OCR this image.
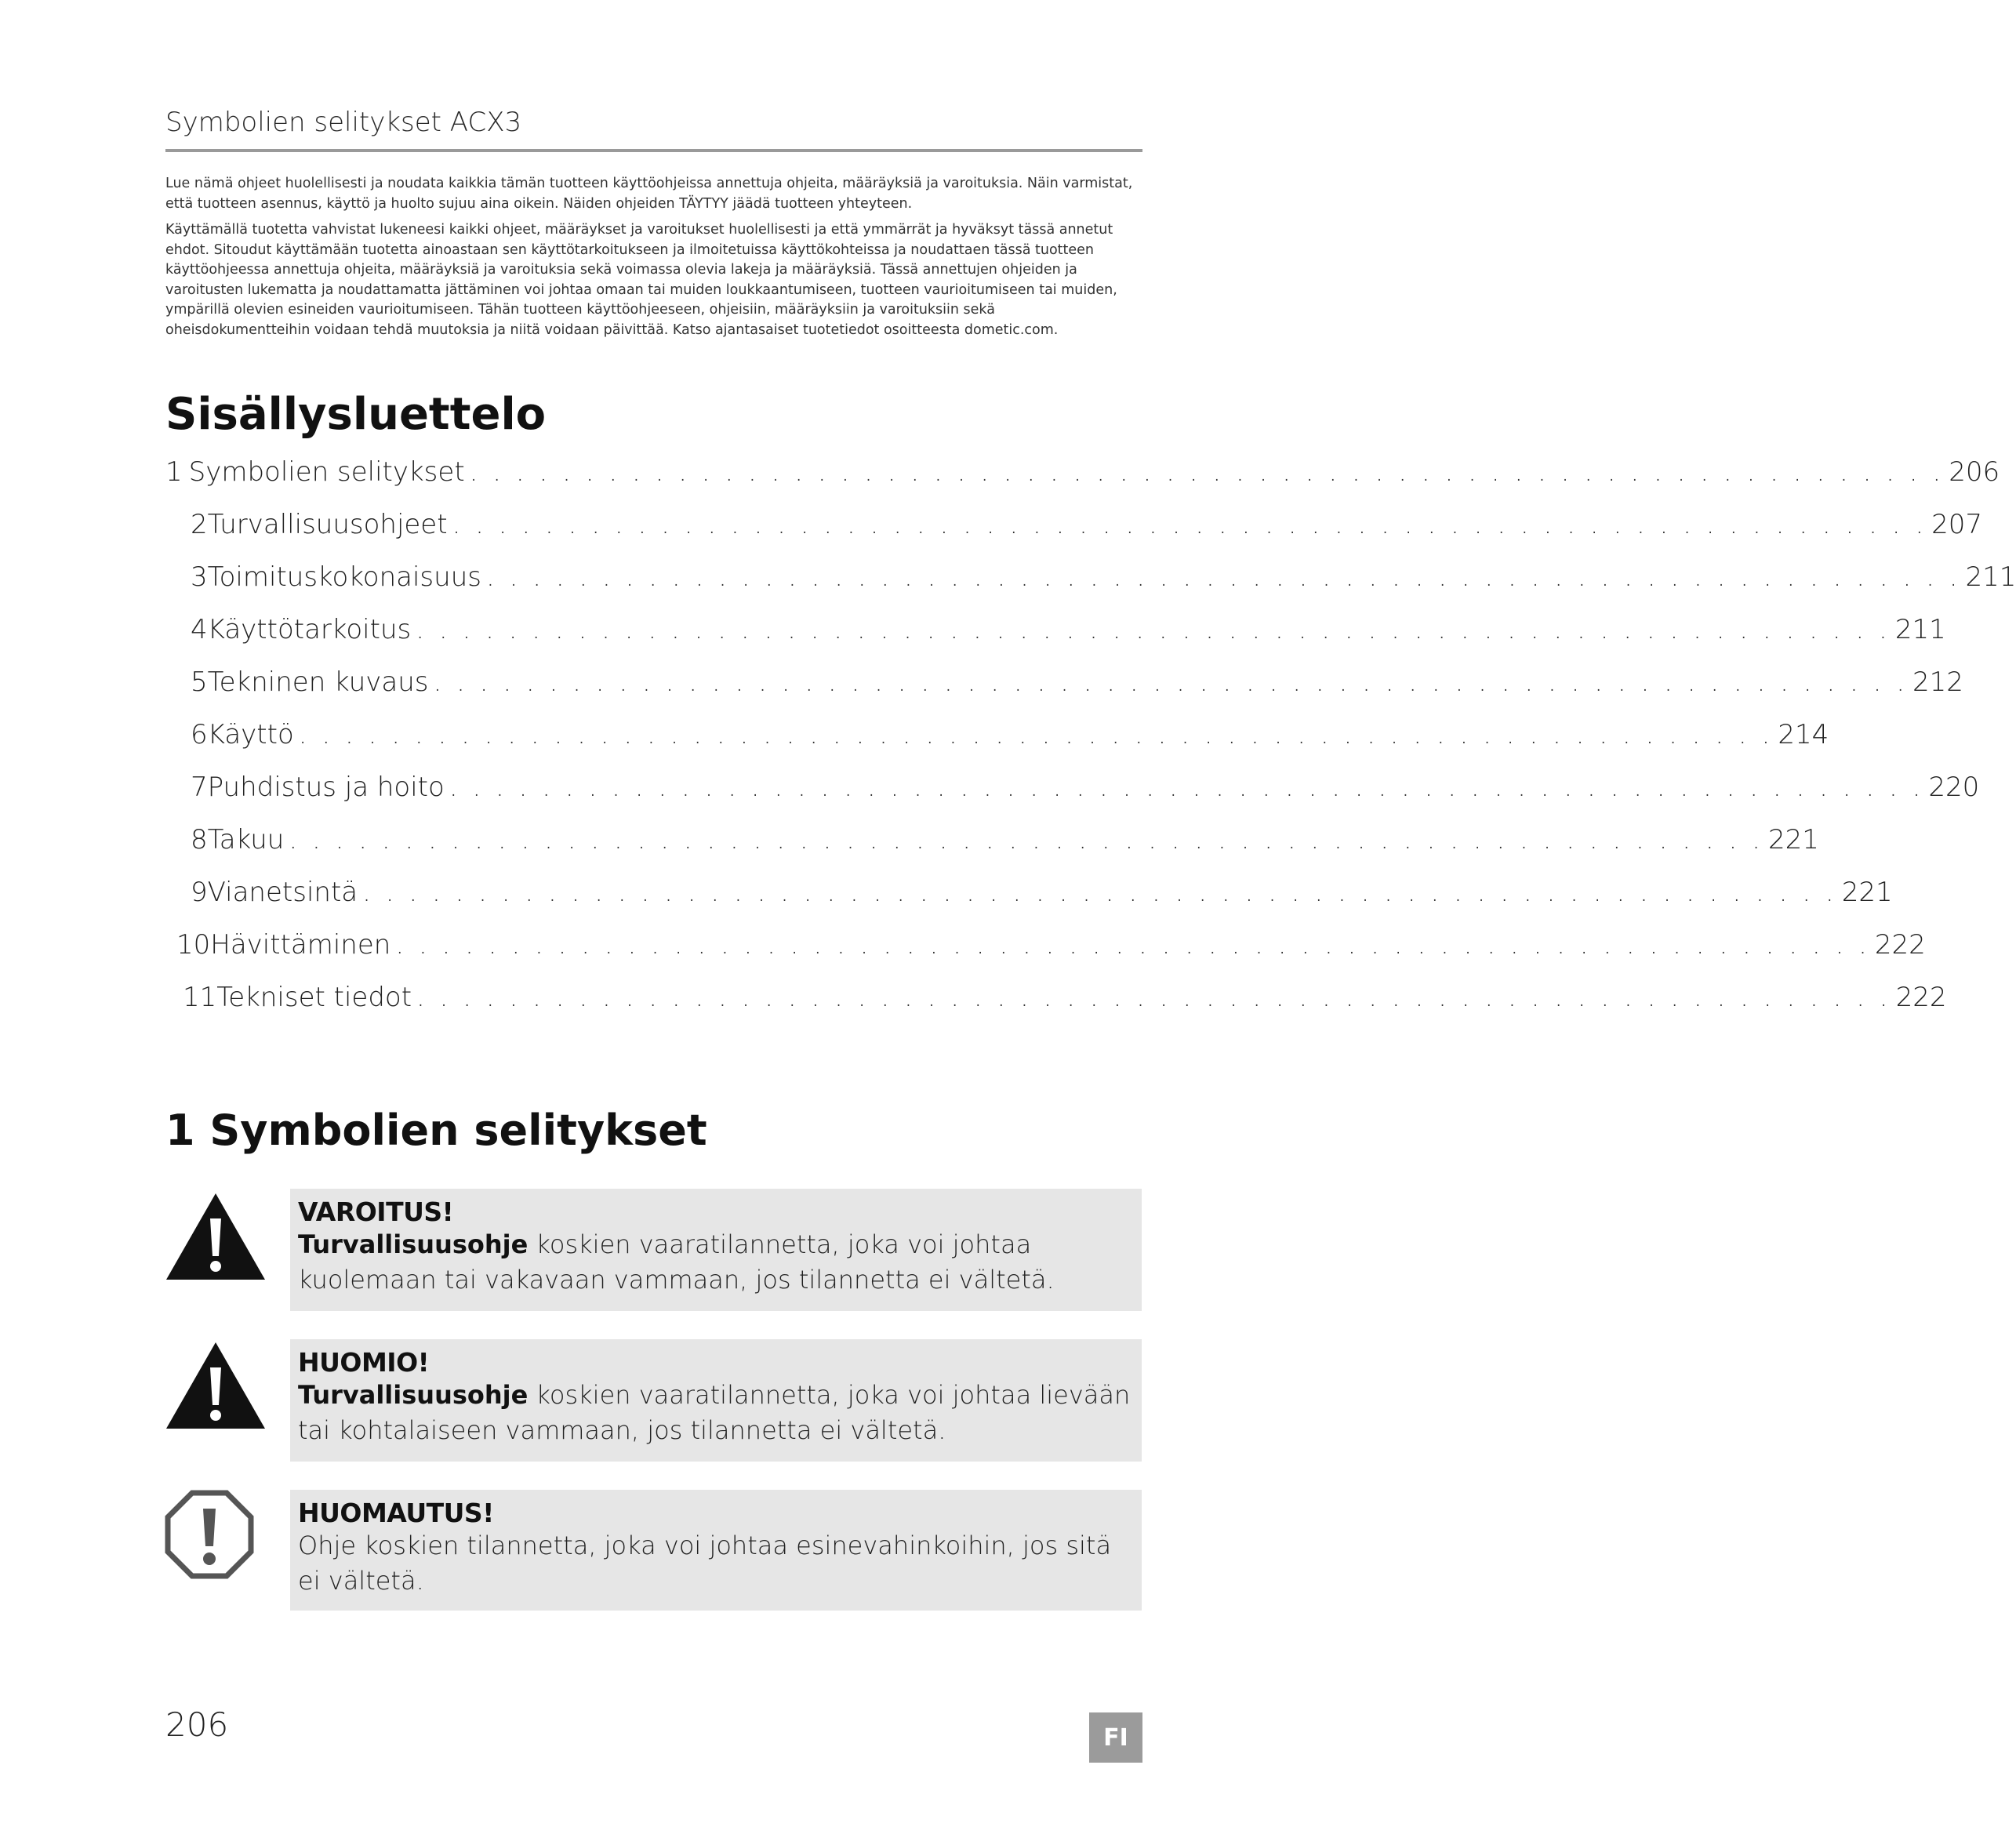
Symbolien selitykset ACX3

Lue nämä ohjeet huolellisesti ja noudata kaikkia tämän tuotteen käyttöohjeissa annettuja ohjeita, määräyksiä ja varoituksia. Näin varmistat, että tuotteen asennus, käyttö ja huolto sujuu aina oikein. Näiden ohjeiden TÄYTYY jäädä tuotteen yhteyteen.

Käyttämällä tuotetta vahvistat lukeneesi kaikki ohjeet, määräykset ja varoitukset huolellisesti ja että ymmärrät ja hyväksyt tässä annetut ehdot. Sitoudut käyttämään tuotetta ainoastaan sen käyttötarkoitukseen ja ilmoitetuissa käyttökohteissa ja noudattaen tässä tuotteen käyttöohjeessa annettuja ohjeita, määräyksiä ja varoituksia sekä voimassa olevia lakeja ja määräyksiä. Tässä annettujen ohjeiden ja varoitusten lukematta ja noudattamatta jättäminen voi johtaa omaan tai muiden loukkaantumiseen, tuotteen vaurioitumiseen tai muiden, ympärillä olevien esineiden vaurioitumiseen. Tähän tuotteen käyttöohjeeseen, ohjeisiin, määräyksiin ja varoituksiin sekä oheisdokumentteihin voidaan tehdä muutoksia ja niitä voidaan päivittää. Katso ajantasaiset tuotetiedot osoitteesta dometic.com.

Sisällysluettelo
1 Symbolien selitykset . . . . . . . . . . . . . . . . . . . . . . . . . . . . . . . . . . . . . . . . . . . . . . . . . . . . . . . . . . . . . . . . 206
2 Turvallisuusohjeet . . . . . . . . . . . . . . . . . . . . . . . . . . . . . . . . . . . . . . . . . . . . . . . . . . . . . . . . . . . . . . . . 207
3 Toimituskokonaisuus . . . . . . . . . . . . . . . . . . . . . . . . . . . . . . . . . . . . . . . . . . . . . . . . . . . . . . . . . . . . . . . . 211
4 Käyttötarkoitus . . . . . . . . . . . . . . . . . . . . . . . . . . . . . . . . . . . . . . . . . . . . . . . . . . . . . . . . . . . . . . . . 211
5 Tekninen kuvaus . . . . . . . . . . . . . . . . . . . . . . . . . . . . . . . . . . . . . . . . . . . . . . . . . . . . . . . . . . . . . . . . 212
6 Käyttö . . . . . . . . . . . . . . . . . . . . . . . . . . . . . . . . . . . . . . . . . . . . . . . . . . . . . . . . . . . . . . . . 214
7 Puhdistus ja hoito . . . . . . . . . . . . . . . . . . . . . . . . . . . . . . . . . . . . . . . . . . . . . . . . . . . . . . . . . . . . . . . . 220
8 Takuu . . . . . . . . . . . . . . . . . . . . . . . . . . . . . . . . . . . . . . . . . . . . . . . . . . . . . . . . . . . . . . . . 221
9 Vianetsintä . . . . . . . . . . . . . . . . . . . . . . . . . . . . . . . . . . . . . . . . . . . . . . . . . . . . . . . . . . . . . . . . 221
10 Hävittäminen . . . . . . . . . . . . . . . . . . . . . . . . . . . . . . . . . . . . . . . . . . . . . . . . . . . . . . . . . . . . . . . . 222
11 Tekniset tiedot . . . . . . . . . . . . . . . . . . . . . . . . . . . . . . . . . . . . . . . . . . . . . . . . . . . . . . . . . . . . . . . . 222
1 Symbolien selitykset
VAROITUS!
Turvallisuusohje koskien vaaratilannetta, joka voi johtaa kuolemaan tai vakavaan vammaan, jos tilannetta ei vältetä.
HUOMIO!
Turvallisuusohje koskien vaaratilannetta, joka voi johtaa lievään tai kohtalaiseen vammaan, jos tilannetta ei vältetä.
HUOMAUTUS!
Ohje koskien tilannetta, joka voi johtaa esinevahinkoihin, jos sitä ei vältetä.
206	FI
